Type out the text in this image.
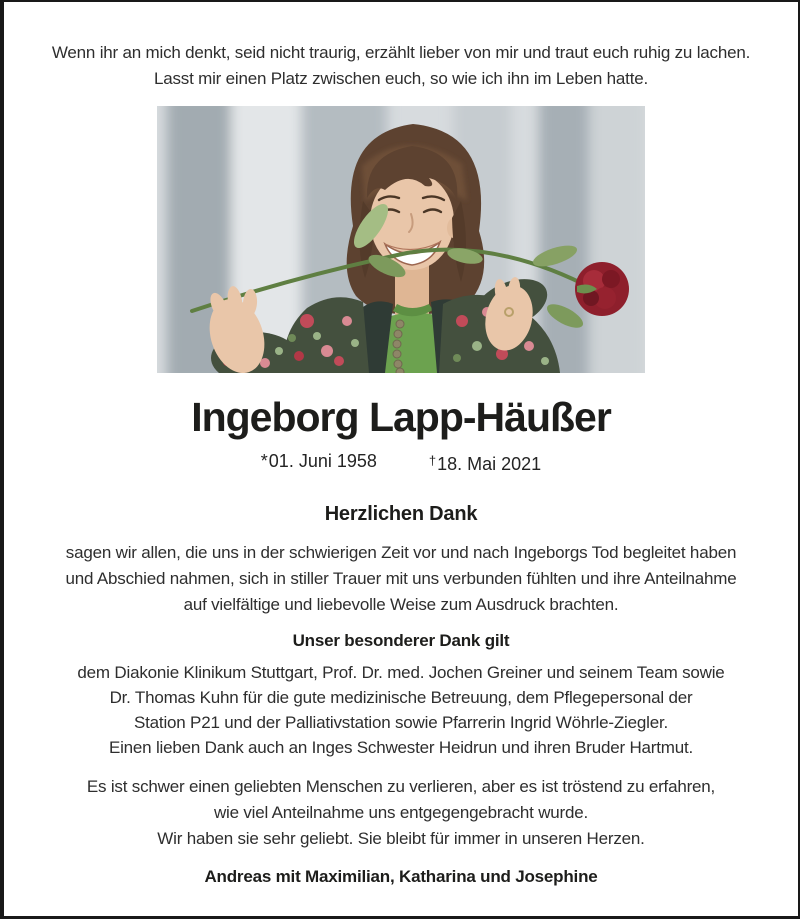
Wenn ihr an mich denkt, seid nicht traurig, erzählt lieber von mir und traut euch ruhig zu lachen.
Lasst mir einen Platz zwischen euch, so wie ich ihn im Leben hatte.
Ingeborg Lapp-Häußer
*01. Juni 1958	†18. Mai 2021
Herzlichen Dank
sagen wir allen, die uns in der schwierigen Zeit vor und nach Ingeborgs Tod begleitet haben
und Abschied nahmen, sich in stiller Trauer mit uns verbunden fühlten und ihre Anteilnahme
auf vielfältige und liebevolle Weise zum Ausdruck brachten.
Unser besonderer Dank gilt
dem Diakonie Klinikum Stuttgart, Prof. Dr. med. Jochen Greiner und seinem Team sowie
Dr. Thomas Kuhn für die gute medizinische Betreuung, dem Pflegepersonal der
Station P21 und der Palliativstation sowie Pfarrerin Ingrid Wöhrle-Ziegler.
Einen lieben Dank auch an Inges Schwester Heidrun und ihren Bruder Hartmut.
Es ist schwer einen geliebten Menschen zu verlieren, aber es ist tröstend zu erfahren,
wie viel Anteilnahme uns entgegengebracht wurde.
Wir haben sie sehr geliebt. Sie bleibt für immer in unseren Herzen.
Andreas mit Maximilian, Katharina und Josephine
